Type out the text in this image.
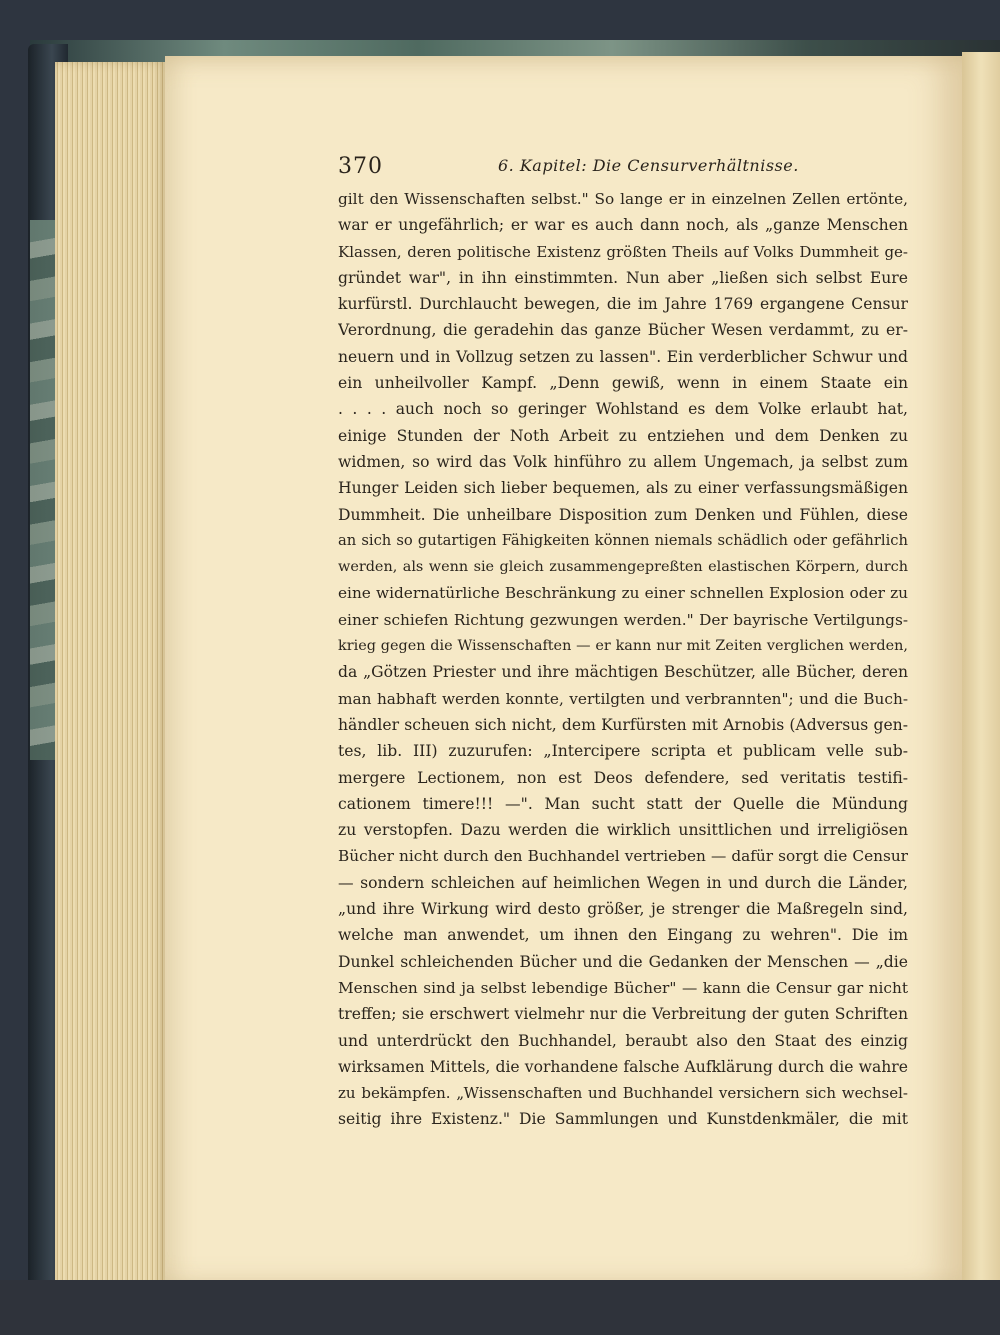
370	6. Kapitel: Die Censurverhältnisse.
gilt den Wissenschaften selbst." So lange er in einzelnen Zellen ertönte,
war er ungefährlich; er war es auch dann noch, als „ganze Menschen
Klassen, deren politische Existenz größten Theils auf Volks Dummheit ge-
gründet war", in ihn einstimmten. Nun aber „ließen sich selbst Eure
kurfürstl. Durchlaucht bewegen, die im Jahre 1769 ergangene Censur
Verordnung, die geradehin das ganze Bücher Wesen verdammt, zu er-
neuern und in Vollzug setzen zu lassen". Ein verderblicher Schwur und
ein unheilvoller Kampf. „Denn gewiß, wenn in einem Staate ein
. . . . auch noch so geringer Wohlstand es dem Volke erlaubt hat,
einige Stunden der Noth Arbeit zu entziehen und dem Denken zu
widmen, so wird das Volk hinführo zu allem Ungemach, ja selbst zum
Hunger Leiden sich lieber bequemen, als zu einer verfassungsmäßigen
Dummheit. Die unheilbare Disposition zum Denken und Fühlen, diese
an sich so gutartigen Fähigkeiten können niemals schädlich oder gefährlich
werden, als wenn sie gleich zusammengepreßten elastischen Körpern, durch
eine widernatürliche Beschränkung zu einer schnellen Explosion oder zu
einer schiefen Richtung gezwungen werden." Der bayrische Vertilgungs-
krieg gegen die Wissenschaften — er kann nur mit Zeiten verglichen werden,
da „Götzen Priester und ihre mächtigen Beschützer, alle Bücher, deren
man habhaft werden konnte, vertilgten und verbrannten"; und die Buch-
händler scheuen sich nicht, dem Kurfürsten mit Arnobis (Adversus gen-
tes, lib. III) zuzurufen: „Intercipere scripta et publicam velle sub-
mergere Lectionem, non est Deos defendere, sed veritatis testifi-
cationem timere!!! —". Man sucht statt der Quelle die Mündung
zu verstopfen. Dazu werden die wirklich unsittlichen und irreligiösen
Bücher nicht durch den Buchhandel vertrieben — dafür sorgt die Censur
— sondern schleichen auf heimlichen Wegen in und durch die Länder,
„und ihre Wirkung wird desto größer, je strenger die Maßregeln sind,
welche man anwendet, um ihnen den Eingang zu wehren". Die im
Dunkel schleichenden Bücher und die Gedanken der Menschen — „die
Menschen sind ja selbst lebendige Bücher" — kann die Censur gar nicht
treffen; sie erschwert vielmehr nur die Verbreitung der guten Schriften
und unterdrückt den Buchhandel, beraubt also den Staat des einzig
wirksamen Mittels, die vorhandene falsche Aufklärung durch die wahre
zu bekämpfen. „Wissenschaften und Buchhandel versichern sich wechsel-
seitig ihre Existenz." Die Sammlungen und Kunstdenkmäler, die mit
